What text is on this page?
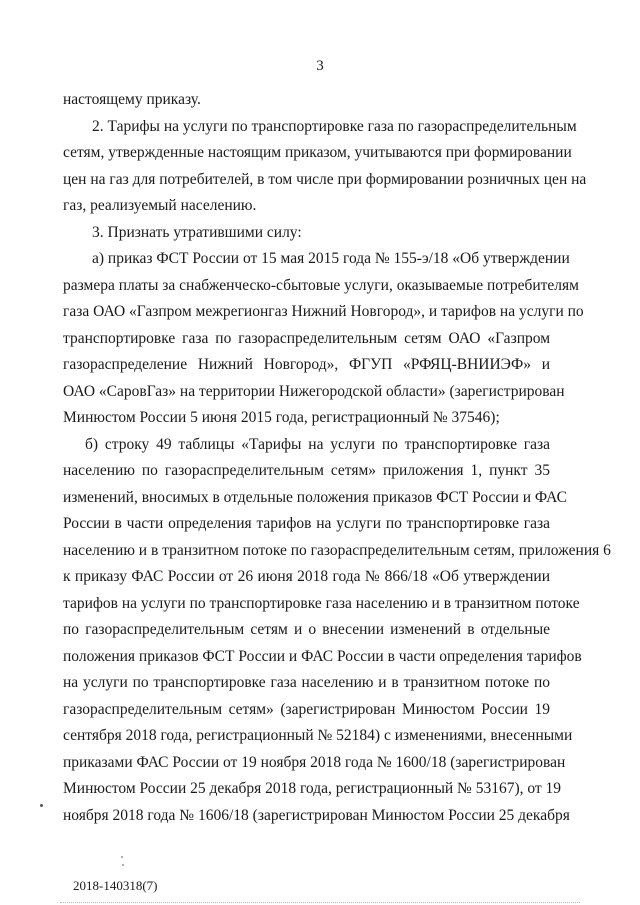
3
настоящему приказу.
2. Тарифы на услуги по транспортировке газа по газораспределительным
сетям, утвержденные настоящим приказом, учитываются при формировании
цен на газ для потребителей, в том числе при формировании розничных цен на
газ, реализуемый населению.
3. Признать утратившими силу:
а) приказ ФСТ России от 15 мая 2015 года № 155-э/18 «Об утверждении
размера платы за снабженческо-сбытовые услуги, оказываемые потребителям
газа ОАО «Газпром межрегионгаз Нижний Новгород», и тарифов на услуги по
транспортировке газа по газораспределительным сетям ОАО «Газпром
газораспределение Нижний Новгород», ФГУП «РФЯЦ-ВНИИЭФ» и
ОАО «СаровГаз» на территории Нижегородской области» (зарегистрирован
Минюстом России 5 июня 2015 года, регистрационный № 37546);
б) строку 49 таблицы «Тарифы на услуги по транспортировке газа
населению по газораспределительным сетям» приложения 1, пункт 35
изменений, вносимых в отдельные положения приказов ФСТ России и ФАС
России в части определения тарифов на услуги по транспортировке газа
населению и в транзитном потоке по газораспределительным сетям, приложения 6
к приказу ФАС России от 26 июня 2018 года № 866/18 «Об утверждении
тарифов на услуги по транспортировке газа населению и в транзитном потоке
по газораспределительным сетям и о внесении изменений в отдельные
положения приказов ФСТ России и ФАС России в части определения тарифов
на услуги по транспортировке газа населению и в транзитном потоке по
газораспределительным сетям» (зарегистрирован Минюстом России 19
сентября 2018 года, регистрационный № 52184) с изменениями, внесенными
приказами ФАС России от 19 ноября 2018 года № 1600/18 (зарегистрирован
Минюстом России 25 декабря 2018 года, регистрационный № 53167), от 19
ноября 2018 года № 1606/18 (зарегистрирован Минюстом России 25 декабря
2018-140318(7)
